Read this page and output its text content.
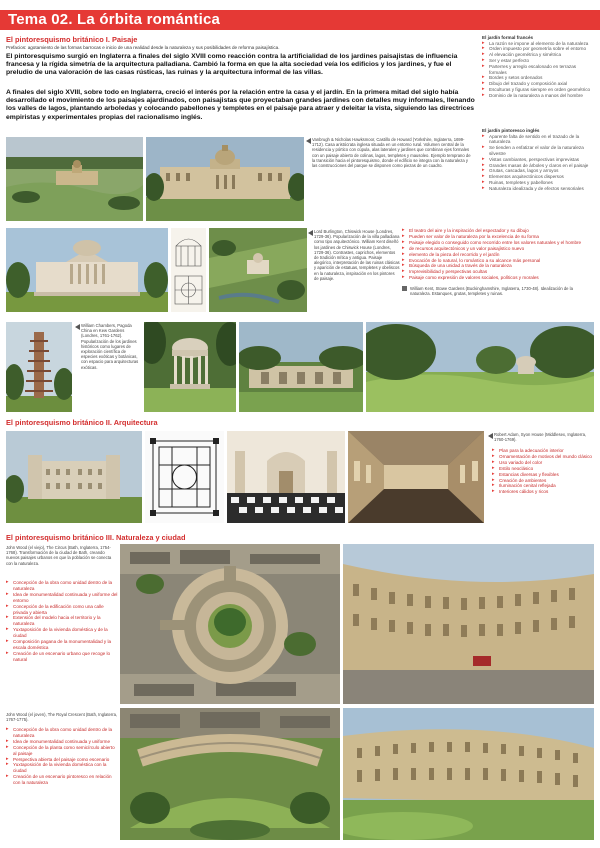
Tema 02. La órbita romántica
El pintoresquismo británico I. Paisaje
Prefacios: agotamiento de las formas barrocas e inicio de una realidad desde la naturaleza y sus posibilidades de reforma paisajística.
El pintoresquismo surgió en Inglaterra a finales del siglo XVIII como reacción contra la artificialidad de los jardines paisajistas de influencia francesa y la rígida simetría de la arquitectura palladiana. Cambió la forma en que la alta sociedad veía los edificios y los jardines, y fue el preludio de una valoración de las casas rústicas, las ruinas y la arquitectura informal de las villas.
A finales del siglo XVIII, sobre todo en Inglaterra, creció el interés por la relación entre la casa y el jardín. En la primera mitad del siglo había desarrollado el movimiento de los paisajes ajardinados, con paisajistas que proyectaban grandes jardines con detalles muy informales, llenando los valles de lagos, plantando arboledas y colocando pabellones y templetes en el paisaje para atraer y deleitar la vista, siguiendo las directrices empiristas y experimentales propias del racionalismo inglés.
El jardín formal francés
▸ La razón se impone al elemento de la naturaleza
▸ Orden impuesto por geometría sobre el entorno
▸ Al elevación geométrica y simétrica
▸ Ser y estar perfecto
▸ Parterres y arreglo escalonado en terrazas formales
▸ Bordes y setos ordenados
▸ Dibujo del trazado y composición axial
▸ Esculturas y figuras siempre en orden geométrico
▸ Dominio de la naturaleza a manos del hombre
El jardín pintoresco inglés
▸ Aparente falta de sentido en el trazado de la naturaleza
▸ Se tienden a enfatizar el valor de la naturaleza silvestre
▸ Vistas cambiantes, perspectivas imprevistas
▸ Grandes masas de árboles y claros en el paisaje
▸ Grutas, cascadas, lagos y arroyos
▸ Elementos arquitectónicos dispersos
▸ Ruinas, templetes y pabellones
▸ Naturaleza idealizada y de efectos sensoriales
Vanbrugh & Nicholas Hawksmoor, Castillo de Howard (Yorkshire, Inglaterra, 1699-1712). Casa aristócrata inglesa situada en un entorno rural. Volumen central de la residencia y pórtico con cúpula, alas laterales y jardines que combinan ejes formales con un paisaje abierto de colinas, lagos, templetes y mausoleo. Ejemplo temprano de la transición hacia el pintoresquismo, donde el edificio se integra con la naturaleza y las construcciones del parque se disponen como piezas de un cuadro.
Lord Burlington, Chiswick House (Londres, 1729-36). Popularización de la villa palladiana como tipo arquitectónico. William Kent diseñó los jardines de Chiswick House (Londres, 1729-36). Contrastes, caprichos, elementos de tradición mítica y antigua. Paisaje alegórico, interpretación de las ruinas clásicas y aparición de estatuas, templetes y obeliscos en la naturaleza, inspiración en los pintores de paisaje.
▸ El teatro del aire y la inspiración del espectador y su dibujo
▸ Pueden ser valor de la naturaleza por la excelencia de su forma
▸ Paisaje elegido o conseguido como recorrido entre los valores naturales y el hombre
▸ de recursos arquitectónicos y un valor paisajístico nuevo
▸ elemento de la pieza del recorrido y el jardín
▸ Evocación de lo natural, lo romántico a su alcance más personal
▸ Búsqueda de una unidad a través de la naturaleza
▸ Imprevisibilidad y perspectivas ocultas
▸ Paisaje como expresión de valores sociales, políticos y morales
William Kent, Stowe Gardens (Buckinghamshire, Inglaterra, 1730-48). Idealización de la naturaleza. Estanques, grutas, templetes y ruinas.
William Chambers, Pagoda China en Kew Gardens (Londres, 1761-1762). Popularización de los jardines históricos como lugares de exploración científica de especies exóticas y botánicas, con espacio para arquitecturas exóticas.
El pintoresquismo británico II. Arquitectura
Robert Adam, Syon House (Middlesex, Inglaterra, 1760-1769).
▸ Plan para la adecuación interior
▸ Ornamentación de motivos del mundo clásico
▸ Uso variado del color
▸ Estilo neoclásico
▸ Estancias diversas y flexibles
▸ Creación de ambientes
▸ Iluminación cenital reflejada
▸ Interiores cálidos y ricos
El pintoresquismo británico III. Naturaleza y ciudad
John Wood (el viejo), The Circus (Bath, Inglaterra, 1754-1768). Transformación de la ciudad de Bath, creando nuevos paisajes urbanos en que la población se conecta con la naturaleza.
▸ Concepción de la obra como unidad dentro de la naturaleza
▸ Idea de monumentalidad continuada y uniforme del entorno
▸ Concepción de la edificación como una calle privada y abierta
▸ Extensión del modelo hacia el territorio y la naturaleza
▸ Yuxtaposición de la vivienda doméstica y de la ciudad
▸ Composición pagana de la monumentalidad y la escala doméstica
▸ Creación de un escenario urbano que recoge lo natural
John Wood (el joven), The Royal Crescent (Bath, Inglaterra, 1767-1775).
▸ Concepción de la obra como unidad dentro de la naturaleza
▸ Idea de monumentalidad continuada y uniforme
▸ Concepción de la planta como semicírculo abierto al paisaje
▸ Perspectiva abierta del paisaje como escenario
▸ Yuxtaposición de la vivienda doméstica con la ciudad
▸ Creación de un escenario pintoresco en relación con la naturaleza
